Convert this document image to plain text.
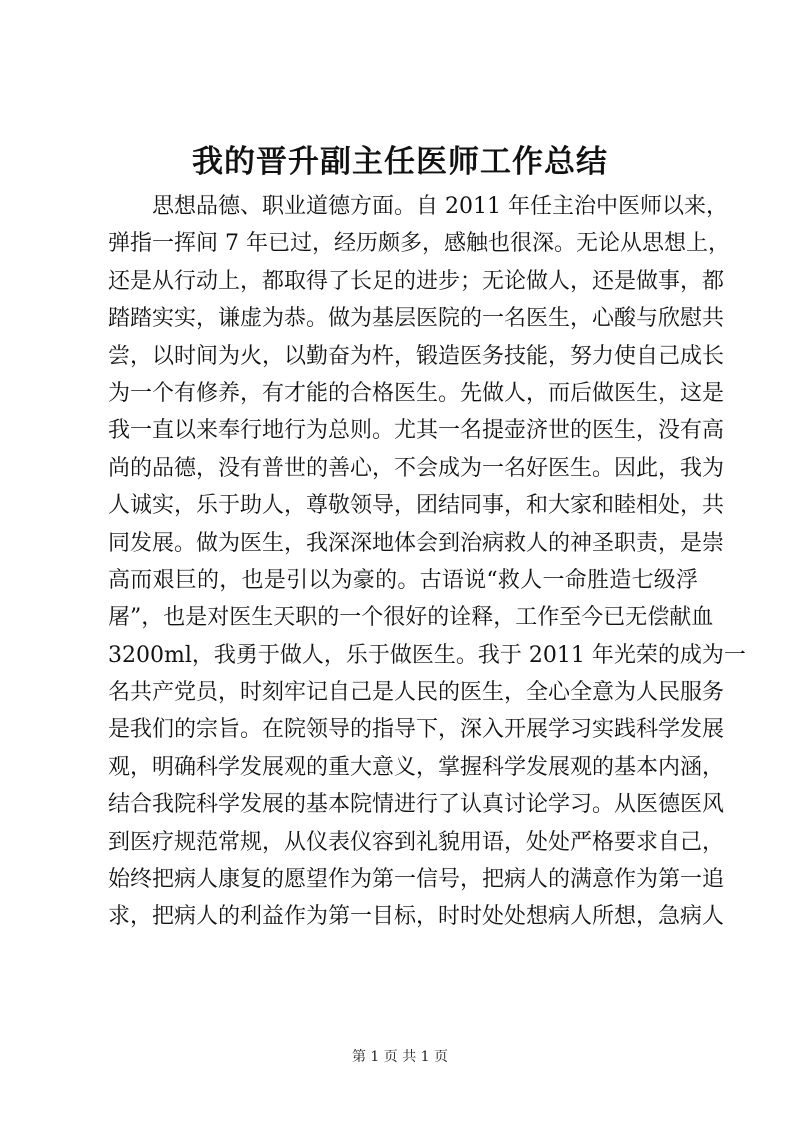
我的晋升副主任医师工作总结
思想品德、职业道德方面。自 2011 年任主治中医师以来，
弹指一挥间 7 年已过，经历颇多，感触也很深。无论从思想上，
还是从行动上，都取得了长足的进步；无论做人，还是做事，都
踏踏实实，谦虚为恭。做为基层医院的一名医生，心酸与欣慰共
尝，以时间为火，以勤奋为杵，锻造医务技能，努力使自己成长
为一个有修养，有才能的合格医生。先做人，而后做医生，这是
我一直以来奉行地行为总则。尤其一名提壶济世的医生，没有高
尚的品德，没有普世的善心，不会成为一名好医生。因此，我为
人诚实，乐于助人，尊敬领导，团结同事，和大家和睦相处，共
同发展。做为医生，我深深地体会到治病救人的神圣职责，是崇
高而艰巨的，也是引以为豪的。古语说“救人一命胜造七级浮
屠”，也是对医生天职的一个很好的诠释，工作至今已无偿献血
3200ml，我勇于做人，乐于做医生。我于 2011 年光荣的成为一
名共产党员，时刻牢记自己是人民的医生，全心全意为人民服务
是我们的宗旨。在院领导的指导下，深入开展学习实践科学发展
观，明确科学发展观的重大意义，掌握科学发展观的基本内涵，
结合我院科学发展的基本院情进行了认真讨论学习。从医德医风
到医疗规范常规，从仪表仪容到礼貌用语，处处严格要求自己，
始终把病人康复的愿望作为第一信号，把病人的满意作为第一追
求，把病人的利益作为第一目标，时时处处想病人所想，急病人
第 1 页 共 1 页
